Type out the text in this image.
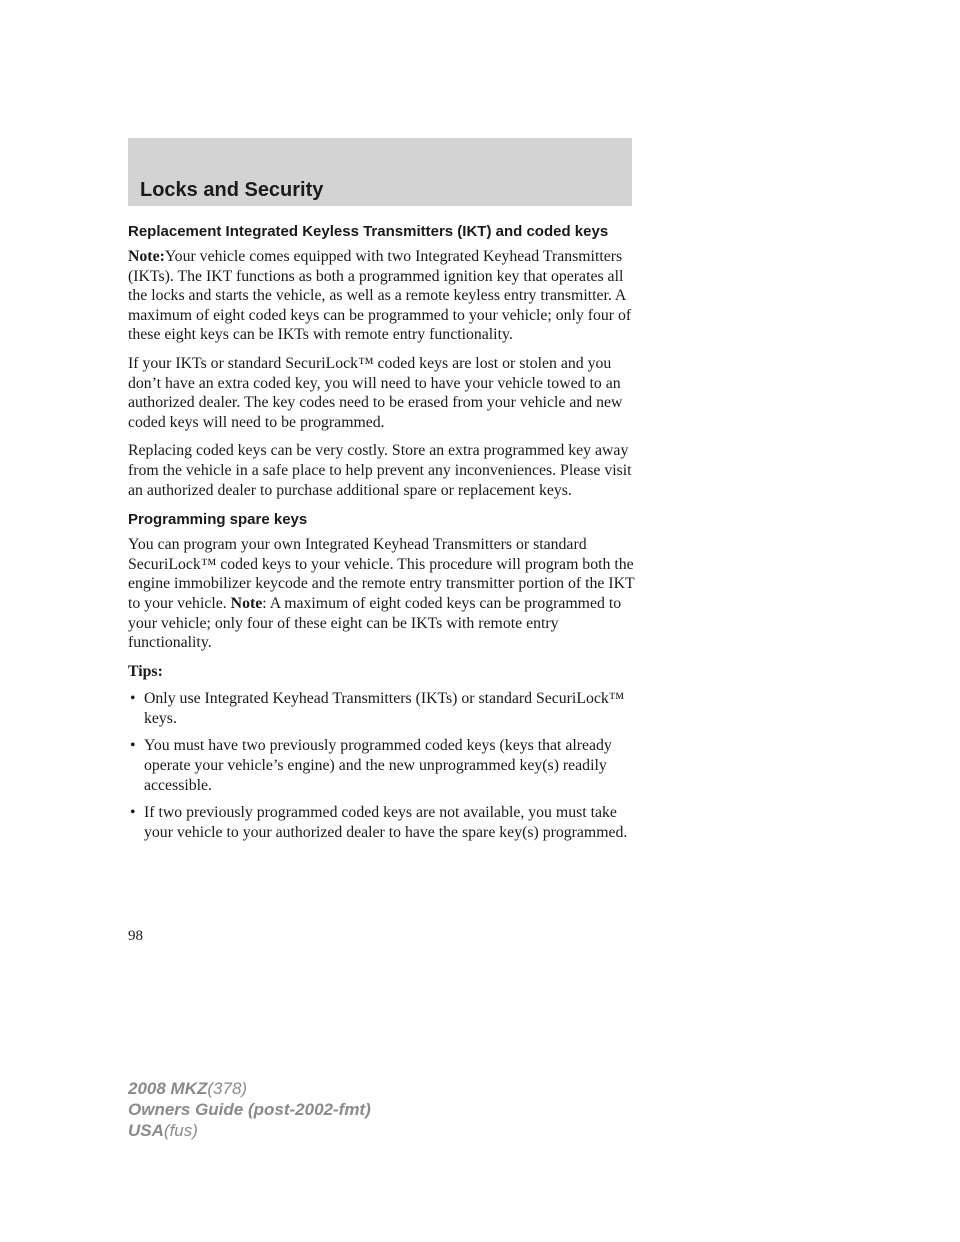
Locks and Security
Replacement Integrated Keyless Transmitters (IKT) and coded keys

Note:Your vehicle comes equipped with two Integrated Keyhead Transmitters (IKTs). The IKT functions as both a programmed ignition key that operates all the locks and starts the vehicle, as well as a remote keyless entry transmitter. A maximum of eight coded keys can be programmed to your vehicle; only four of these eight keys can be IKTs with remote entry functionality.

If your IKTs or standard SecuriLock™ coded keys are lost or stolen and you don’t have an extra coded key, you will need to have your vehicle towed to an authorized dealer. The key codes need to be erased from your vehicle and new coded keys will need to be programmed.

Replacing coded keys can be very costly. Store an extra programmed key away from the vehicle in a safe place to help prevent any inconveniences. Please visit an authorized dealer to purchase additional spare or replacement keys.

Programming spare keys

You can program your own Integrated Keyhead Transmitters or standard SecuriLock™ coded keys to your vehicle. This procedure will program both the engine immobilizer keycode and the remote entry transmitter portion of the IKT to your vehicle. Note: A maximum of eight coded keys can be programmed to your vehicle; only four of these eight can be IKTs with remote entry functionality.

Tips:
• Only use Integrated Keyhead Transmitters (IKTs) or standard SecuriLock™ keys.
• You must have two previously programmed coded keys (keys that already operate your vehicle’s engine) and the new unprogrammed key(s) readily accessible.
• If two previously programmed coded keys are not available, you must take your vehicle to your authorized dealer to have the spare key(s) programmed.
98
2008 MKZ(378)
Owners Guide (post-2002-fmt)
USA(fus)
